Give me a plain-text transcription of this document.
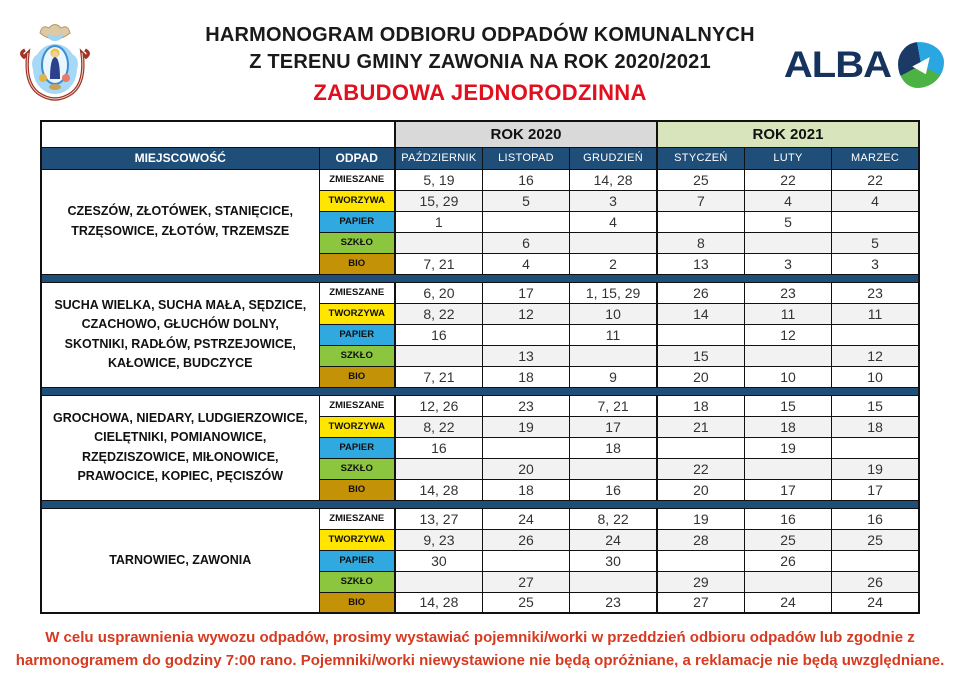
HARMONOGRAM ODBIORU ODPADÓW KOMUNALNYCH
Z TERENU GMINY ZAWONIA NA ROK 2020/2021
ZABUDOWA JEDNORODZINNA
ALBA
		ROK 2020			ROK 2021		
MIEJSCOWOŚĆ	ODPAD	PAŹDZIERNIK	LISTOPAD	GRUDZIEŃ	STYCZEŃ	LUTY	MARZEC
CZESZÓW, ZŁOTÓWEK, STANIĘCICE, TRZĘSOWICE, ZŁOTÓW, TRZEMSZE	ZMIESZANE	5, 19	16	14, 28	25	22	22
	TWORZYWA	15, 29	5	3	7	4	4
	PAPIER	1		4		5	
	SZKŁO		6		8		5
	BIO	7, 21	4	2	13	3	3

SUCHA WIELKA, SUCHA MAŁA, SĘDZICE, CZACHOWO, GŁUCHÓW DOLNY, SKOTNIKI, RADŁÓW, PSTRZEJOWICE, KAŁOWICE, BUDCZYCE	ZMIESZANE	6, 20	17	1, 15, 29	26	23	23
	TWORZYWA	8, 22	12	10	14	11	11
	PAPIER	16		11		12	
	SZKŁO		13		15		12
	BIO	7, 21	18	9	20	10	10

GROCHOWA, NIEDARY, LUDGIERZOWICE, CIELĘTNIKI, POMIANOWICE, RZĘDZISZOWICE, MIŁONOWICE, PRAWOCICE, KOPIEC, PĘCISZÓW	ZMIESZANE	12, 26	23	7, 21	18	15	15
	TWORZYWA	8, 22	19	17	21	18	18
	PAPIER	16		18		19	
	SZKŁO		20		22		19
	BIO	14, 28	18	16	20	17	17

TARNOWIEC, ZAWONIA	ZMIESZANE	13, 27	24	8, 22	19	16	16
	TWORZYWA	9, 23	26	24	28	25	25
	PAPIER	30		30		26	
	SZKŁO		27		29		26
	BIO	14, 28	25	23	27	24	24
W celu usprawnienia wywozu odpadów, prosimy wystawiać pojemniki/worki w przeddzień odbioru odpadów lub zgodnie z harmonogramem do godziny 7:00 rano. Pojemniki/worki niewystawione nie będą opróżniane, a reklamacje nie będą uwzględniane.
